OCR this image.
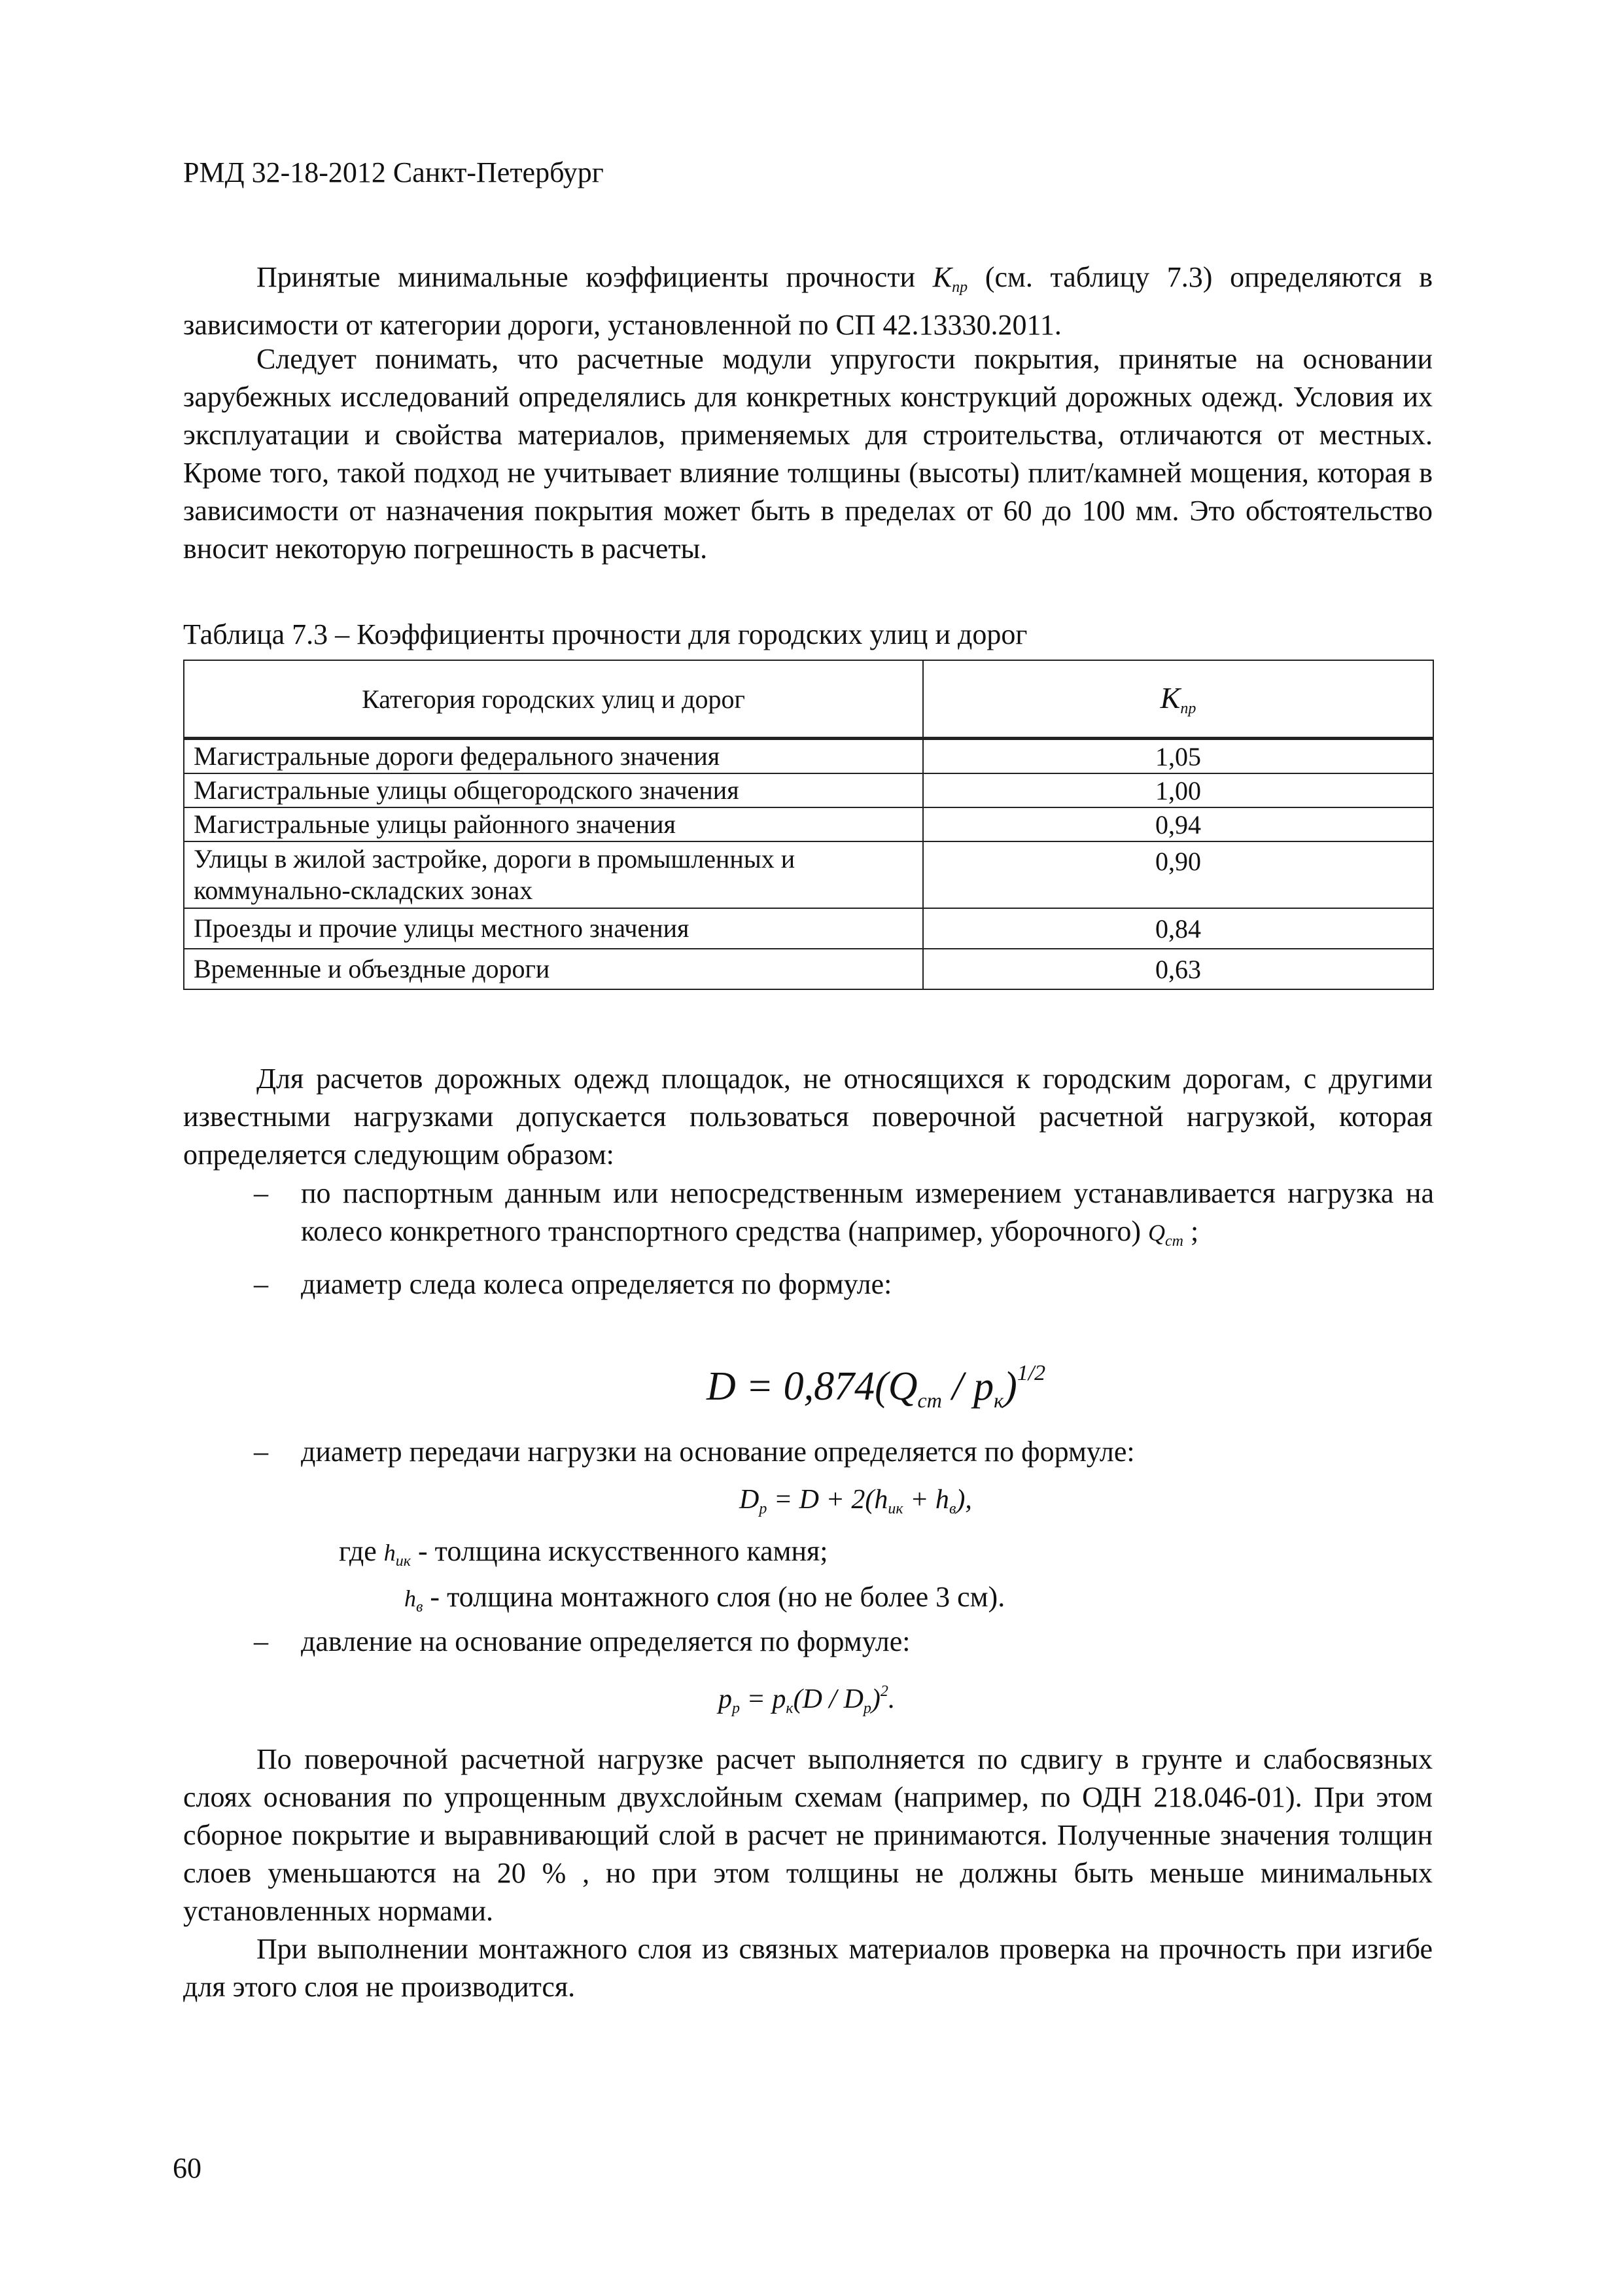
РМД 32-18-2012 Санкт-Петербург

Принятые минимальные коэффициенты прочности $K_{пр}$ (см. таблицу 7.3) определяются в зависимости от категории дороги, установленной по СП 42.13330.2011.

Следует понимать, что расчетные модули упругости покрытия, принятые на основании зарубежных исследований определялись для конкретных конструкций дорожных одежд. Условия их эксплуатации и свойства материалов, применяемых для строительства, отличаются от местных. Кроме того, такой подход не учитывает влияние толщины (высоты) плит/камней мощения, которая в зависимости от назначения покрытия может быть в пределах от 60 до 100 мм. Это обстоятельство вносит некоторую погрешность в расчеты.

Таблица 7.3 – Коэффициенты прочности для городских улиц и дорог
Категория городских улиц и дорог	$K_{пр}$
Магистральные дороги федерального значения	1,05
Магистральные улицы общегородского значения	1,00
Магистральные улицы районного значения	0,94
Улицы в жилой застройке, дороги в промышленных и коммунально-складских зонах	0,90
Проезды и прочие улицы местного значения	0,84
Временные и объездные дороги	0,63

Для расчетов дорожных одежд площадок, не относящихся к городским дорогам, с другими известными нагрузками допускается пользоваться поверочной расчетной нагрузкой, которая определяется следующим образом:

– по паспортным данным или непосредственным измерением устанавливается нагрузка на колесо конкретного транспортного средства (например, уборочного) $Q_{ст}$ ;
– диаметр следа колеса определяется по формуле:
D = 0,874(Qст / pк)$^{1/2}$
– диаметр передачи нагрузки на основание определяется по формуле:
$D_p = D + 2(h_{ик} + h_в)$,
где $h_{ик}$ - толщина искусственного камня;
$h_в$ - толщина монтажного слоя (но не более 3 см).
– давление на основание определяется по формуле:
$p_p = p_к(D / D_p)^2$.

По поверочной расчетной нагрузке расчет выполняется по сдвигу в грунте и слабосвязных слоях основания по упрощенным двухслойным схемам (например, по ОДН 218.046-01). При этом сборное покрытие и выравнивающий слой в расчет не принимаются. Полученные значения толщин слоев уменьшаются на 20 % , но при этом толщины не должны быть меньше минимальных установленных нормами.

При выполнении монтажного слоя из связных материалов проверка на прочность при изгибе для этого слоя не производится.

60
